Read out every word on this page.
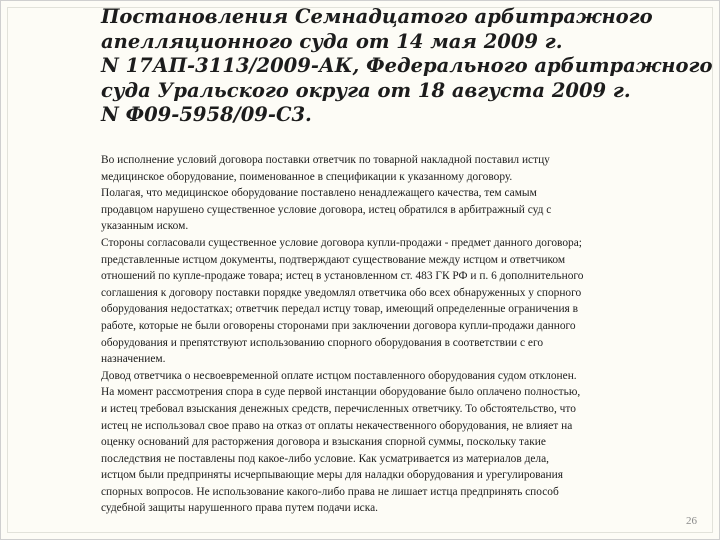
Постановления Семнадцатого арбитражного
апелляционного суда от 14 мая 2009 г.
N 17АП-3113/2009-АК, Федерального арбитражного
суда Уральского округа от 18 августа 2009 г.
N Ф09-5958/09-С3.
Во исполнение условий договора поставки ответчик по товарной накладной поставил истцу
медицинское оборудование, поименованное в спецификации к указанному договору.
Полагая, что медицинское оборудование поставлено ненадлежащего качества, тем самым
продавцом нарушено существенное условие договора, истец обратился в арбитражный суд с
указанным иском.
Стороны согласовали существенное условие договора купли-продажи - предмет данного договора;
представленные истцом документы, подтверждают существование между истцом и ответчиком
отношений по купле-продаже товара; истец в установленном ст. 483 ГК РФ и п. 6 дополнительного
соглашения к договору поставки порядке уведомлял ответчика обо всех обнаруженных у спорного
оборудования недостатках; ответчик передал истцу товар, имеющий определенные ограничения в
работе, которые не были оговорены сторонами при заключении договора купли-продажи данного
оборудования и препятствуют использованию спорного оборудования в соответствии с его
назначением.
Довод ответчика о несвоевременной оплате истцом поставленного оборудования судом отклонен.
На момент рассмотрения спора в суде первой инстанции оборудование было оплачено полностью,
и истец требовал взыскания денежных средств, перечисленных ответчику. То обстоятельство, что
истец не использовал свое право на отказ от оплаты некачественного оборудования, не влияет на
оценку оснований для расторжения договора и взыскания спорной суммы, поскольку такие
последствия не поставлены под какое-либо условие. Как усматривается из материалов дела,
истцом были предприняты исчерпывающие меры для наладки оборудования и урегулирования
спорных вопросов. Не использование какого-либо права не лишает истца предпринять способ
судебной защиты нарушенного права путем подачи иска.
26
